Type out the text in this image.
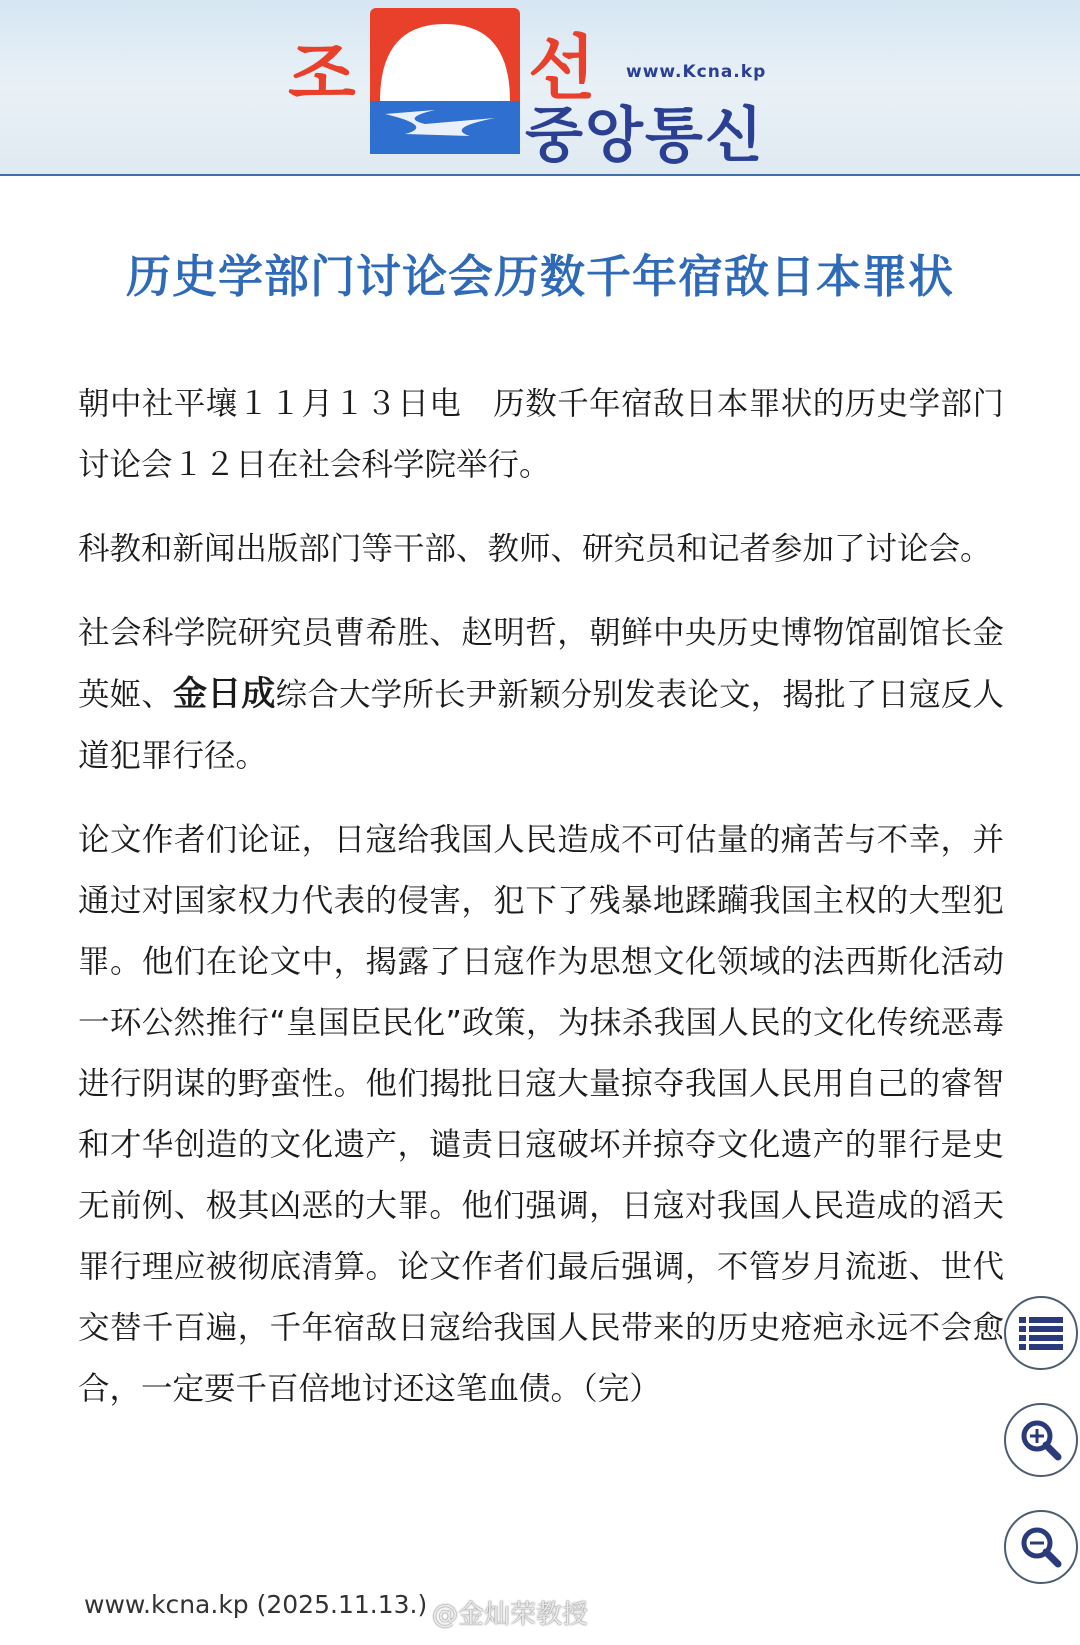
조 선 www.Kcna.kp
중앙통신
历史学部门讨论会历数千年宿敌日本罪状

朝中社平壤１１月１３日电　历数千年宿敌日本罪状的历史学部门讨论会１２日在社会科学院举行。

科教和新闻出版部门等干部、教师、研究员和记者参加了讨论会。

社会科学院研究员曹希胜、赵明哲，朝鲜中央历史博物馆副馆长金英姬、金日成综合大学所长尹新颖分别发表论文，揭批了日寇反人道犯罪行径。

论文作者们论证，日寇给我国人民造成不可估量的痛苦与不幸，并通过对国家权力代表的侵害，犯下了残暴地蹂躏我国主权的大型犯罪。他们在论文中，揭露了日寇作为思想文化领域的法西斯化活动一环公然推行“皇国臣民化”政策，为抹杀我国人民的文化传统恶毒进行阴谋的野蛮性。他们揭批日寇大量掠夺我国人民用自己的睿智和才华创造的文化遗产，谴责日寇破坏并掠夺文化遗产的罪行是史无前例、极其凶恶的大罪。他们强调，日寇对我国人民造成的滔天罪行理应被彻底清算。论文作者们最后强调，不管岁月流逝、世代交替千百遍，千年宿敌日寇给我国人民带来的历史疮疤永远不会愈合，一定要千百倍地讨还这笔血债。（完）

www.kcna.kp (2025.11.13.) @金灿荣教授
